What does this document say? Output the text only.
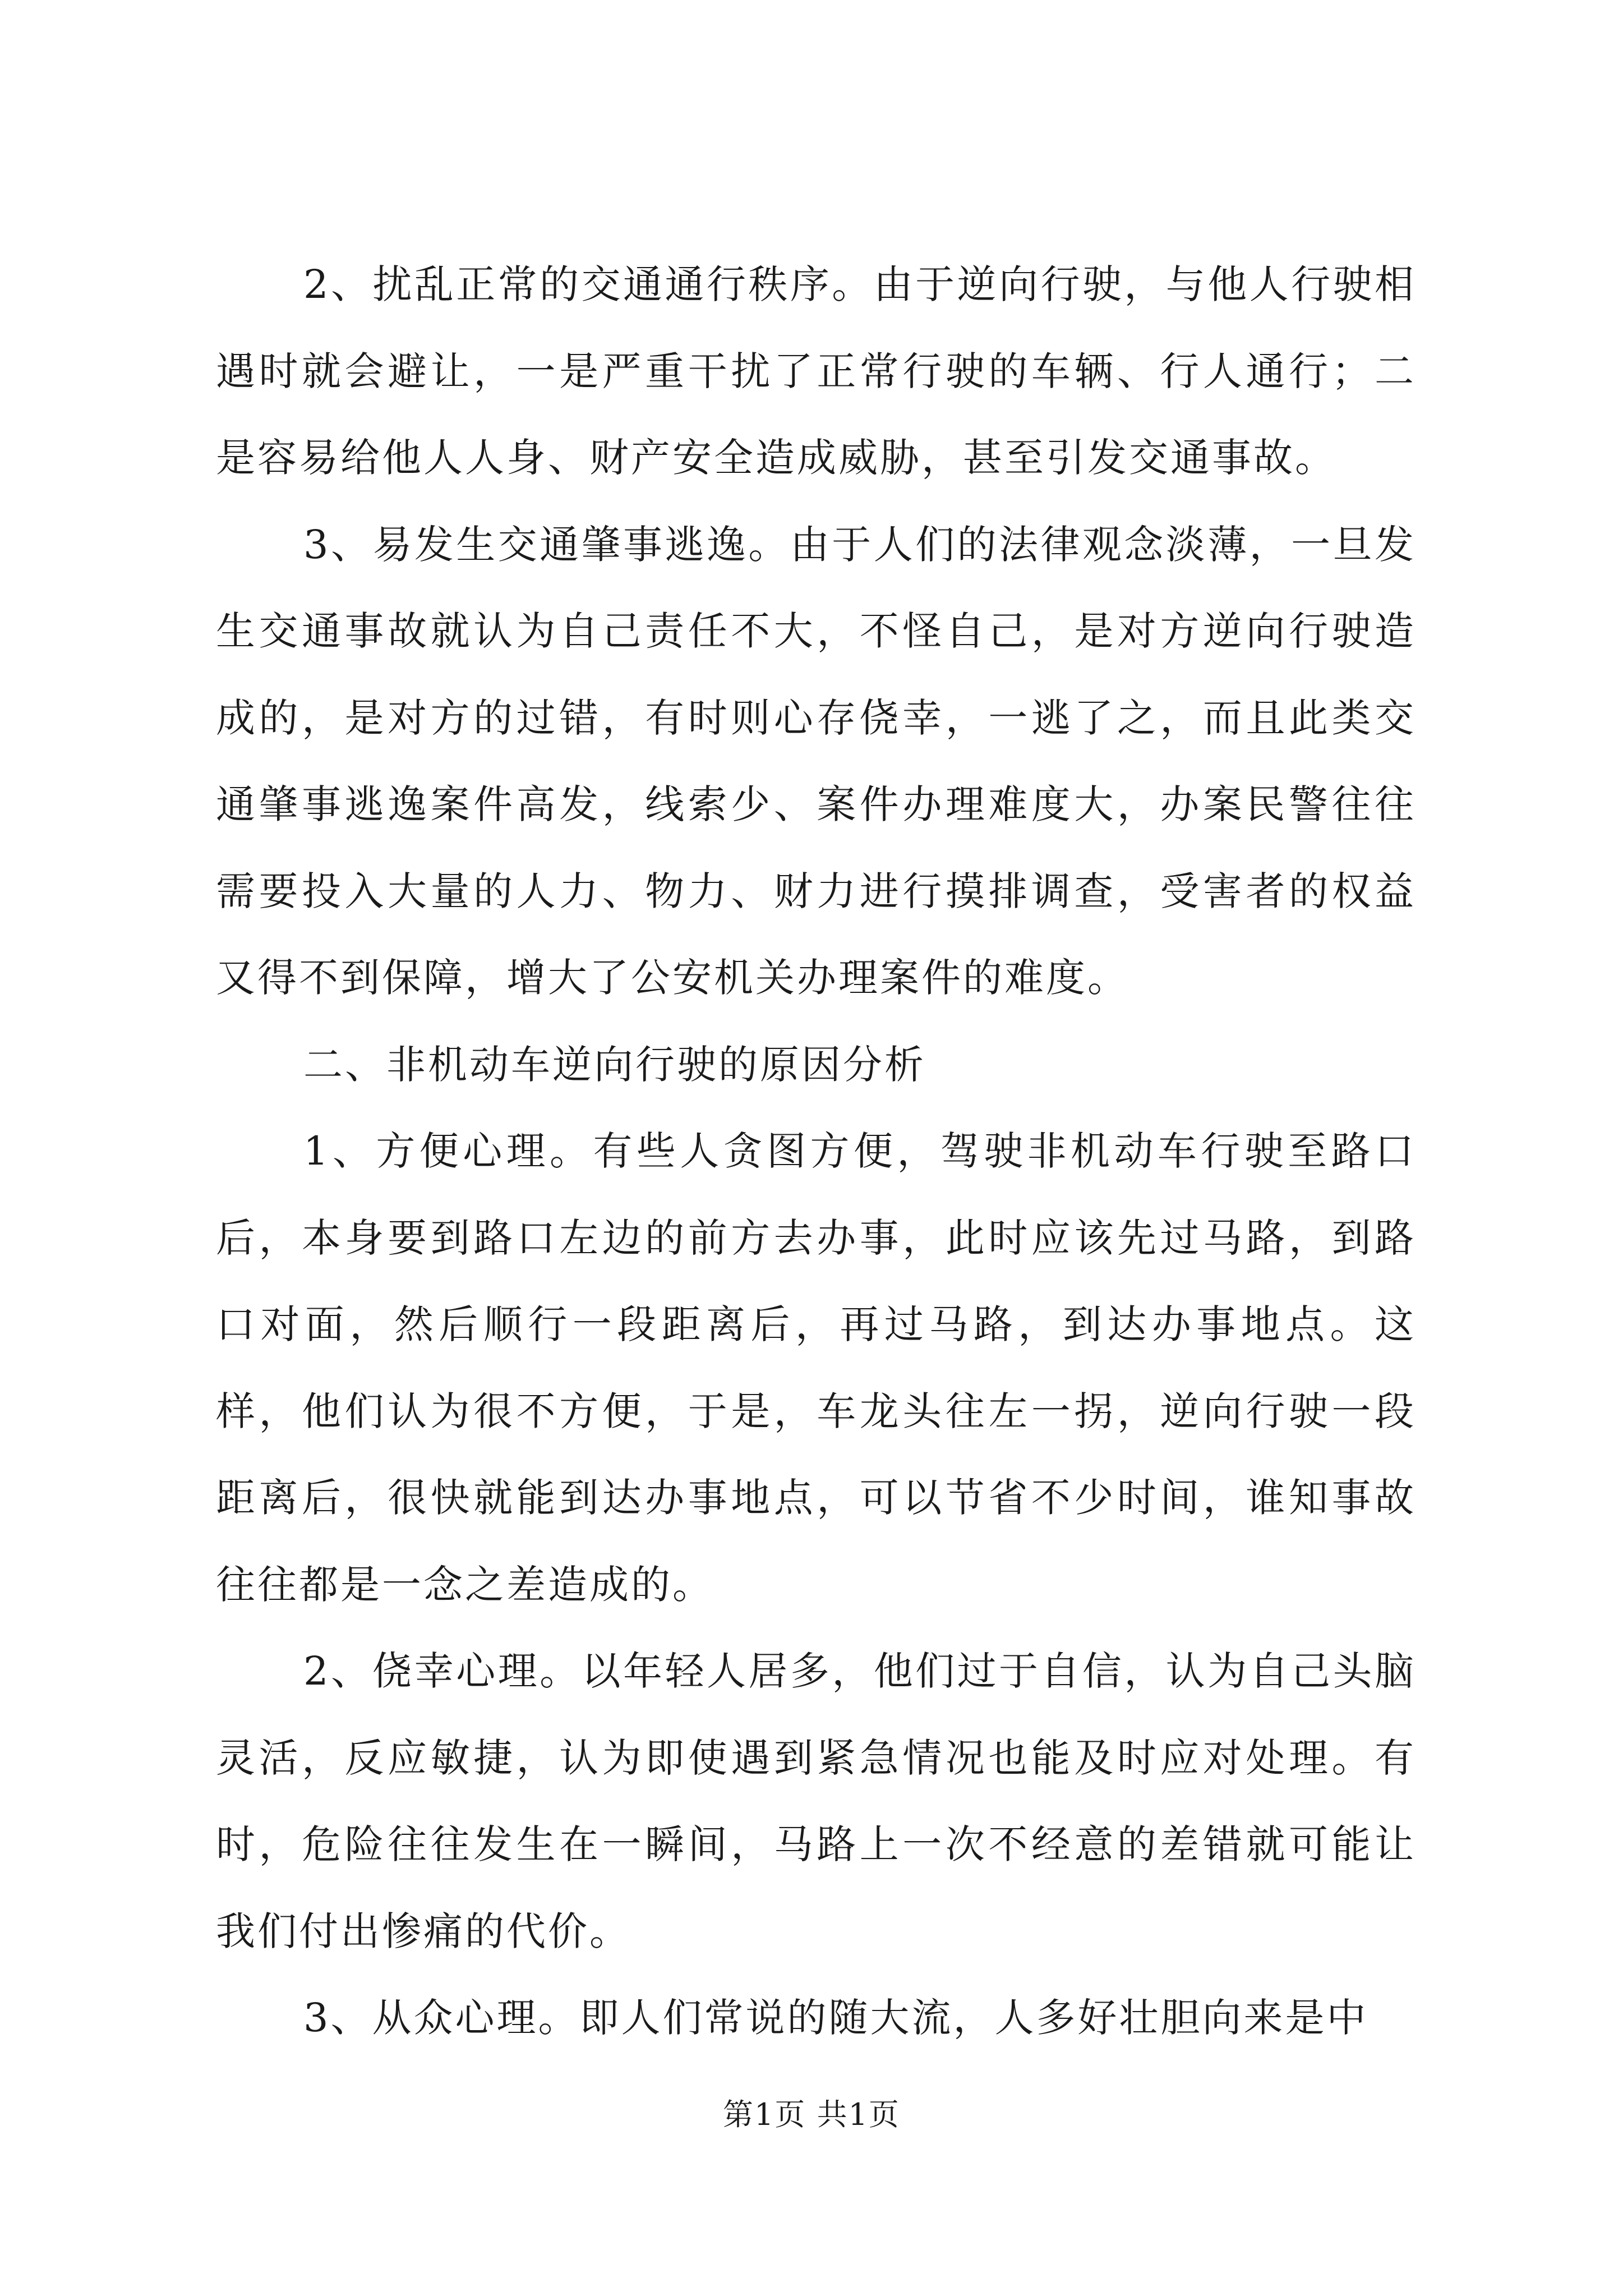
2、扰乱正常的交通通行秩序。由于逆向行驶，与他人行驶相遇时就会避让，一是严重干扰了正常行驶的车辆、行人通行；二是容易给他人人身、财产安全造成威胁，甚至引发交通事故。

3、易发生交通肇事逃逸。由于人们的法律观念淡薄，一旦发生交通事故就认为自己责任不大，不怪自己，是对方逆向行驶造成的，是对方的过错，有时则心存侥幸，一逃了之，而且此类交通肇事逃逸案件高发，线索少、案件办理难度大，办案民警往往需要投入大量的人力、物力、财力进行摸排调查，受害者的权益又得不到保障，增大了公安机关办理案件的难度。

二、非机动车逆向行驶的原因分析

1、方便心理。有些人贪图方便，驾驶非机动车行驶至路口后，本身要到路口左边的前方去办事，此时应该先过马路，到路口对面，然后顺行一段距离后，再过马路，到达办事地点。这样，他们认为很不方便，于是，车龙头往左一拐，逆向行驶一段距离后，很快就能到达办事地点，可以节省不少时间，谁知事故往往都是一念之差造成的。

2、侥幸心理。以年轻人居多，他们过于自信，认为自己头脑灵活，反应敏捷，认为即使遇到紧急情况也能及时应对处理。有时，危险往往发生在一瞬间，马路上一次不经意的差错就可能让我们付出惨痛的代价。

3、从众心理。即人们常说的随大流，人多好壮胆向来是中

第1页 共1页
